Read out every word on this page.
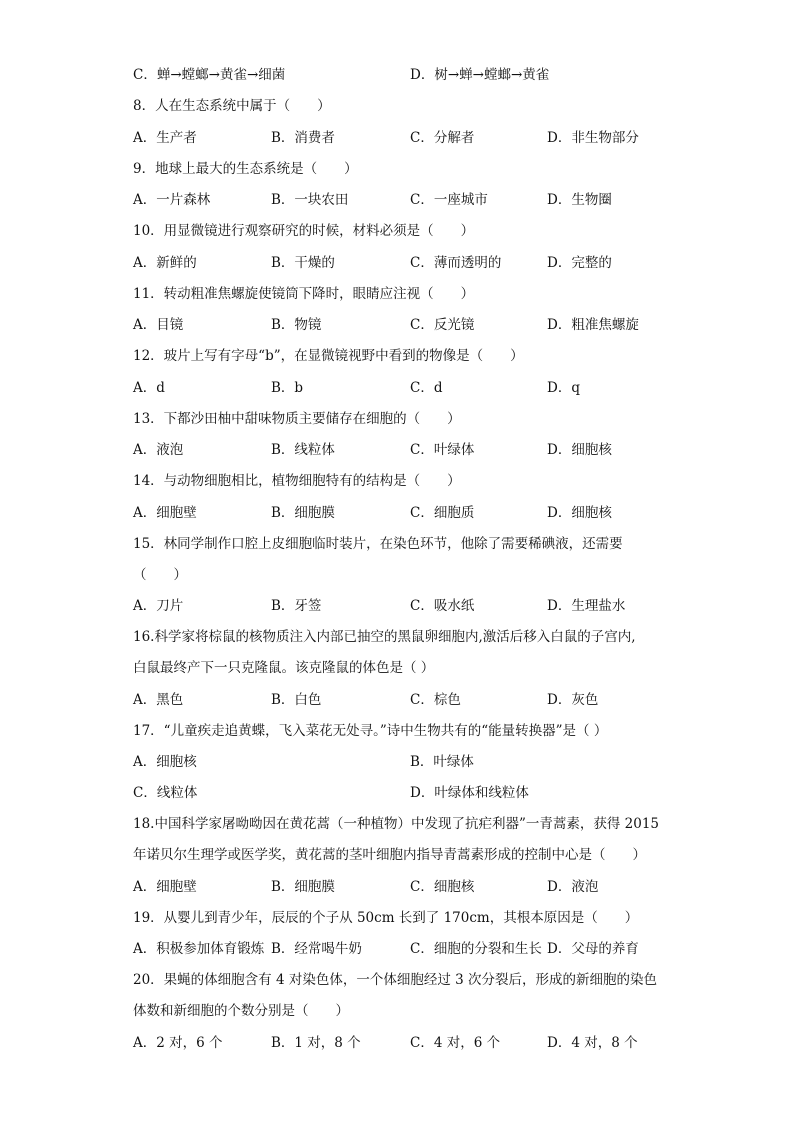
C．蝉→螳螂→黄雀→细菌	D．树→蝉→螳螂→黄雀
8．人在生态系统中属于（　　）
A．生产者	B．消费者	C．分解者	D．非生物部分
9．地球上最大的生态系统是（　　）
A．一片森林	B．一块农田	C．一座城市	D．生物圈
10．用显微镜进行观察研究的时候，材料必须是（　　）
A．新鲜的	B．干燥的	C．薄而透明的	D．完整的
11．转动粗准焦螺旋使镜筒下降时，眼睛应注视（　　）
A．目镜	B．物镜	C．反光镜	D．粗准焦螺旋
12．玻片上写有字母“b”，在显微镜视野中看到的物像是（　　）
A．d	B．b	C．d	D．q
13．下都沙田柚中甜味物质主要储存在细胞的（　　）
A．液泡	B．线粒体	C．叶绿体	D．细胞核
14．与动物细胞相比，植物细胞特有的结构是（　　）
A．细胞壁	B．细胞膜	C．细胞质	D．细胞核
15．林同学制作口腔上皮细胞临时装片，在染色环节，他除了需要稀碘液，还需要
（　　）
A．刀片	B．牙签	C．吸水纸	D．生理盐水
16.科学家将棕鼠的核物质注入内部已抽空的黑鼠卵细胞内,激活后移入白鼠的子宫内,
白鼠最终产下一只克隆鼠。该克隆鼠的体色是（ ）
A．黑色	B．白色	C．棕色	D．灰色
17．“儿童疾走追黄蝶，飞入菜花无处寻。”诗中生物共有的“能量转换器”是（ ）
A．细胞核	B．叶绿体
C．线粒体	D．叶绿体和线粒体
18.中国科学家屠呦呦因在黄花蒿（一种植物）中发现了抗疟利器”一青蒿素，获得 2015
年诺贝尔生理学或医学奖，黄花蒿的茎叶细胞内指导青蒿素形成的控制中心是（　　）
A．细胞壁	B．细胞膜	C．细胞核	D．液泡
19．从婴儿到青少年，辰辰的个子从 50cm 长到了 170cm，其根本原因是（　　）
A．积极参加体育锻炼 B．经常喝牛奶	C．细胞的分裂和生长 D．父母的养育
20．果蝇的体细胞含有 4 对染色体，一个体细胞经过 3 次分裂后，形成的新细胞的染色
体数和新细胞的个数分别是（　　）
A．2 对，6 个	B．1 对，8 个	C．4 对，6 个	D．4 对，8 个
